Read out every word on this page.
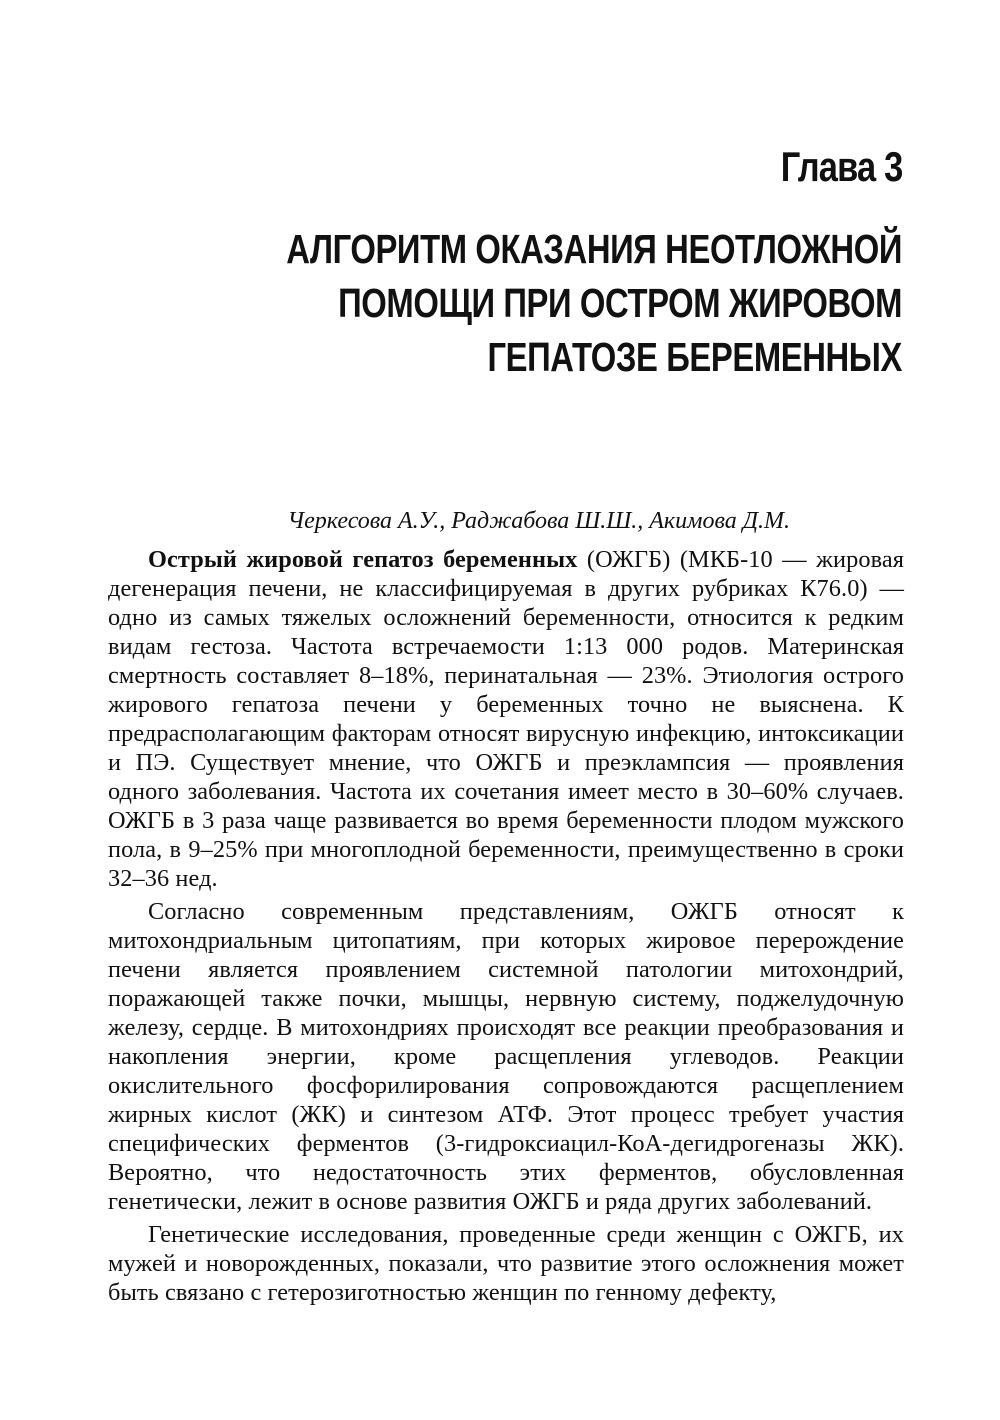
Глава 3
АЛГОРИТМ ОКАЗАНИЯ НЕОТЛОЖНОЙ
ПОМОЩИ ПРИ ОСТРОМ ЖИРОВОМ
ГЕПАТОЗЕ БЕРЕМЕННЫХ

Черкесова А.У., Раджабова Ш.Ш., Акимова Д.М.

Острый жировой гепатоз беременных (ОЖГБ) (МКБ-10 — жировая дегенерация печени, не классифицируемая в других рубриках К76.0) — одно из самых тяжелых осложнений беременности, относится к редким видам гестоза. Частота встречаемости 1:13 000 родов. Материнская смертность составляет 8–18%, перинатальная — 23%. Этиология острого жирового гепатоза печени у беременных точно не выяснена. К предрасполагающим факторам относят вирусную инфекцию, интоксикации и ПЭ. Существует мнение, что ОЖГБ и преэклампсия — проявления одного заболевания. Частота их сочетания имеет место в 30–60% случаев. ОЖГБ в 3 раза чаще развивается во время беременности плодом мужского пола, в 9–25% при многоплодной беременности, преимущественно в сроки 32–36 нед.

Согласно современным представлениям, ОЖГБ относят к митохондриальным цитопатиям, при которых жировое перерождение печени является проявлением системной патологии митохондрий, поражающей также почки, мышцы, нервную систему, поджелудочную железу, сердце. В митохондриях происходят все реакции преобразования и накопления энергии, кроме расщепления углеводов. Реакции окислительного фосфорилирования сопровождаются расщеплением жирных кислот (ЖК) и синтезом АТФ. Этот процесс требует участия специфических ферментов (3-гидроксиацил-КоА-дегидрогеназы ЖК). Вероятно, что недостаточность этих ферментов, обусловленная генетически, лежит в основе развития ОЖГБ и ряда других заболеваний.

Генетические исследования, проведенные среди женщин с ОЖГБ, их мужей и новорожденных, показали, что развитие этого осложнения может быть связано с гетерозиготностью женщин по генному дефекту,
